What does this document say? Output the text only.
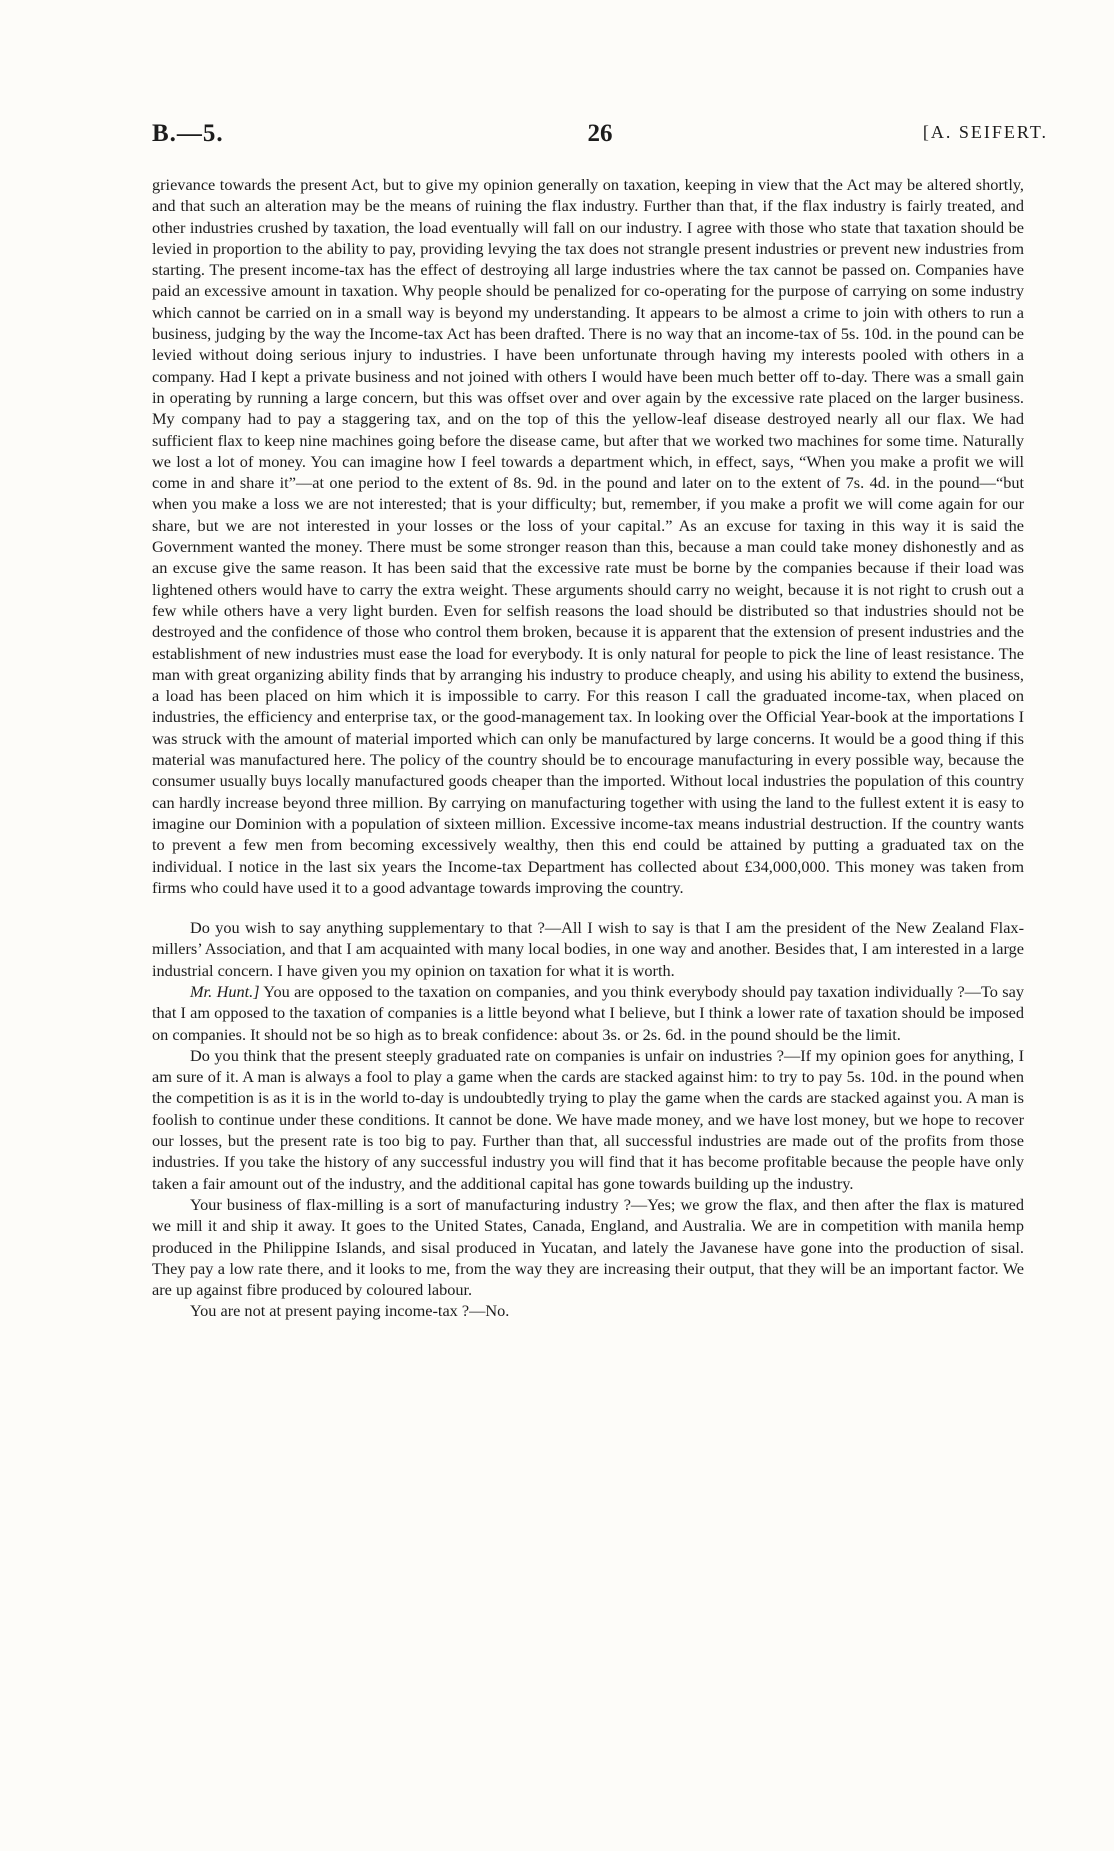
B.—5.	26	[A. SEIFERT.

grievance towards the present Act, but to give my opinion generally on taxation, keeping in view that the Act may be altered shortly, and that such an alteration may be the means of ruining the flax industry. Further than that, if the flax industry is fairly treated, and other industries crushed by taxation, the load eventually will fall on our industry. I agree with those who state that taxation should be levied in proportion to the ability to pay, providing levying the tax does not strangle present industries or prevent new industries from starting. The present income-tax has the effect of destroying all large industries where the tax cannot be passed on. Companies have paid an excessive amount in taxation. Why people should be penalized for co-operating for the purpose of carrying on some industry which cannot be carried on in a small way is beyond my understanding. It appears to be almost a crime to join with others to run a business, judging by the way the Income-tax Act has been drafted. There is no way that an income-tax of 5s. 10d. in the pound can be levied without doing serious injury to industries. I have been unfortunate through having my interests pooled with others in a company. Had I kept a private business and not joined with others I would have been much better off to-day. There was a small gain in operating by running a large concern, but this was offset over and over again by the excessive rate placed on the larger business. My company had to pay a staggering tax, and on the top of this the yellow-leaf disease destroyed nearly all our flax. We had sufficient flax to keep nine machines going before the disease came, but after that we worked two machines for some time. Naturally we lost a lot of money. You can imagine how I feel towards a department which, in effect, says, “When you make a profit we will come in and share it”—at one period to the extent of 8s. 9d. in the pound and later on to the extent of 7s. 4d. in the pound—“but when you make a loss we are not interested; that is your difficulty; but, remember, if you make a profit we will come again for our share, but we are not interested in your losses or the loss of your capital.” As an excuse for taxing in this way it is said the Government wanted the money. There must be some stronger reason than this, because a man could take money dishonestly and as an excuse give the same reason. It has been said that the excessive rate must be borne by the companies because if their load was lightened others would have to carry the extra weight. These arguments should carry no weight, because it is not right to crush out a few while others have a very light burden. Even for selfish reasons the load should be distributed so that industries should not be destroyed and the confidence of those who control them broken, because it is apparent that the extension of present industries and the establishment of new industries must ease the load for everybody. It is only natural for people to pick the line of least resistance. The man with great organizing ability finds that by arranging his industry to produce cheaply, and using his ability to extend the business, a load has been placed on him which it is impossible to carry. For this reason I call the graduated income-tax, when placed on industries, the efficiency and enterprise tax, or the good-management tax. In looking over the Official Year-book at the importations I was struck with the amount of material imported which can only be manufactured by large concerns. It would be a good thing if this material was manufactured here. The policy of the country should be to encourage manufacturing in every possible way, because the consumer usually buys locally manufactured goods cheaper than the imported. Without local industries the population of this country can hardly increase beyond three million. By carrying on manufacturing together with using the land to the fullest extent it is easy to imagine our Dominion with a population of sixteen million. Excessive income-tax means industrial destruction. If the country wants to prevent a few men from becoming excessively wealthy, then this end could be attained by putting a graduated tax on the individual. I notice in the last six years the Income-tax Department has collected about £34,000,000. This money was taken from firms who could have used it to a good advantage towards improving the country.

Do you wish to say anything supplementary to that ?—All I wish to say is that I am the president of the New Zealand Flax-millers’ Association, and that I am acquainted with many local bodies, in one way and another. Besides that, I am interested in a large industrial concern. I have given you my opinion on taxation for what it is worth.

Mr. Hunt.] You are opposed to the taxation on companies, and you think everybody should pay taxation individually ?—To say that I am opposed to the taxation of companies is a little beyond what I believe, but I think a lower rate of taxation should be imposed on companies. It should not be so high as to break confidence: about 3s. or 2s. 6d. in the pound should be the limit.

Do you think that the present steeply graduated rate on companies is unfair on industries ?—If my opinion goes for anything, I am sure of it. A man is always a fool to play a game when the cards are stacked against him: to try to pay 5s. 10d. in the pound when the competition is as it is in the world to-day is undoubtedly trying to play the game when the cards are stacked against you. A man is foolish to continue under these conditions. It cannot be done. We have made money, and we have lost money, but we hope to recover our losses, but the present rate is too big to pay. Further than that, all successful industries are made out of the profits from those industries. If you take the history of any successful industry you will find that it has become profitable because the people have only taken a fair amount out of the industry, and the additional capital has gone towards building up the industry.

Your business of flax-milling is a sort of manufacturing industry ?—Yes; we grow the flax, and then after the flax is matured we mill it and ship it away. It goes to the United States, Canada, England, and Australia. We are in competition with manila hemp produced in the Philippine Islands, and sisal produced in Yucatan, and lately the Javanese have gone into the production of sisal. They pay a low rate there, and it looks to me, from the way they are increasing their output, that they will be an important factor. We are up against fibre produced by coloured labour.

You are not at present paying income-tax ?—No.
